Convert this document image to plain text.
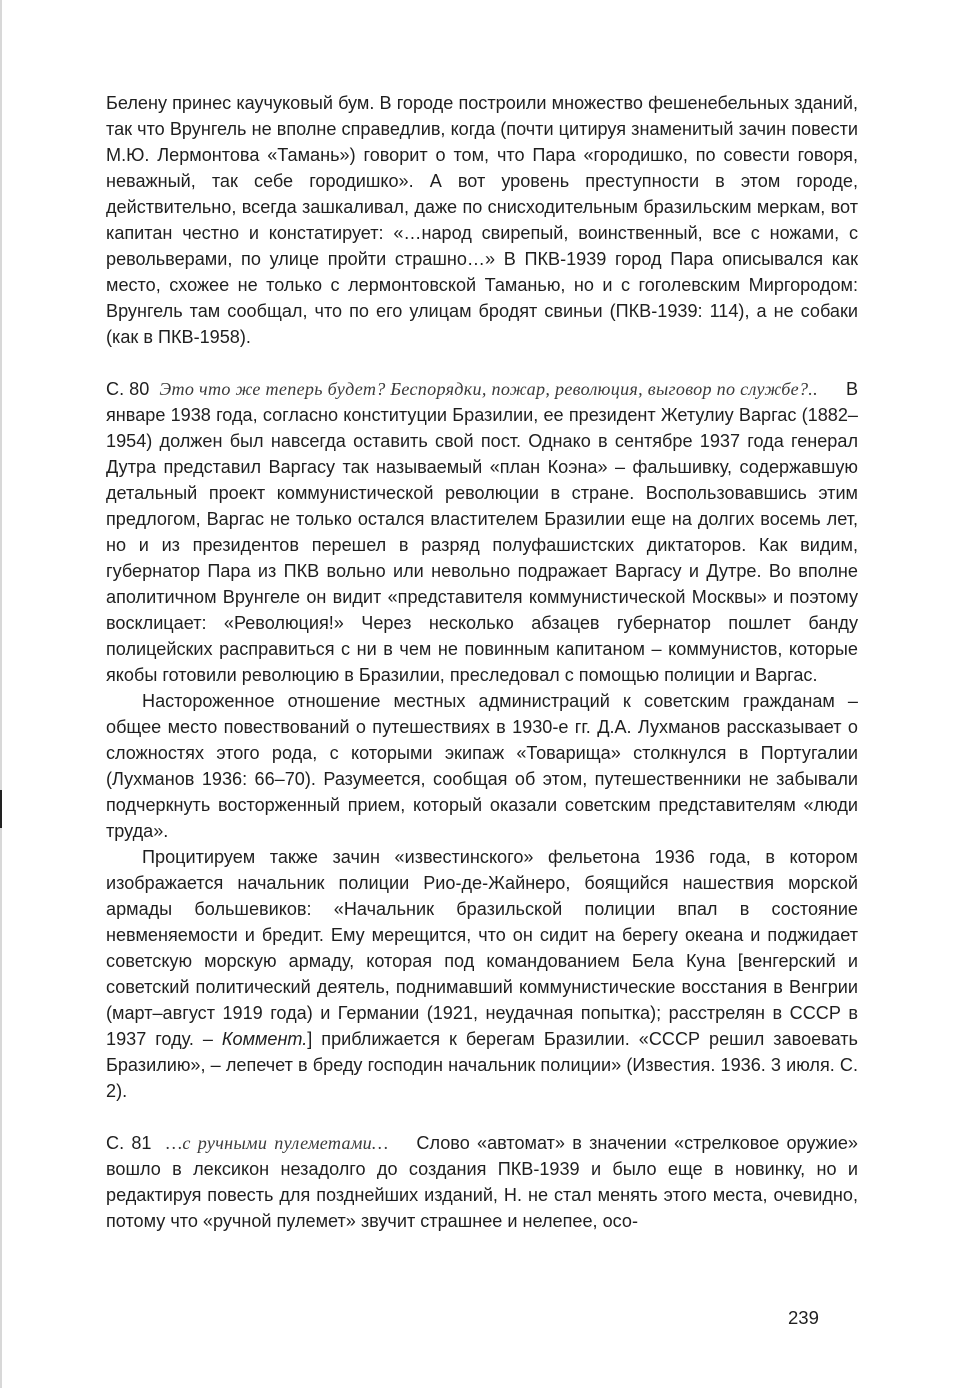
Белену принес каучуковый бум. В городе построили множество фешенебельных зданий, так что Врунгель не вполне справедлив, когда (почти цитируя знаменитый зачин повести М.Ю. Лермонтова «Тамань») говорит о том, что Пара «городишко, по совести говоря, неважный, так себе городишко». А вот уровень преступности в этом городе, действительно, всегда зашкаливал, даже по снисходительным бразильским меркам, вот капитан честно и констатирует: «…народ свирепый, воинственный, все с ножами, с револьверами, по улице пройти страшно…» В ПКВ-1939 город Пара описывался как место, схожее не только с лермонтовской Таманью, но и с гоголевским Миргородом: Врунгель там сообщал, что по его улицам бродят свиньи (ПКВ-1939: 114), а не собаки (как в ПКВ-1958).

С. 80 Это что же теперь будет? Беспорядки, пожар, революция, выговор по службе?.. В январе 1938 года, согласно конституции Бразилии, ее президент Жетулиу Варгас (1882–1954) должен был навсегда оставить свой пост. Однако в сентябре 1937 года генерал Дутра представил Варгасу так называемый «план Коэна» – фальшивку, содержавшую детальный проект коммунистической революции в стране. Воспользовавшись этим предлогом, Варгас не только остался властителем Бразилии еще на долгих восемь лет, но и из президентов перешел в разряд полуфашистских диктаторов. Как видим, губернатор Пара из ПКВ вольно или невольно подражает Варгасу и Дутре. Во вполне аполитичном Врунгеле он видит «представителя коммунистической Москвы» и поэтому восклицает: «Революция!» Через несколько абзацев губернатор пошлет банду полицейских расправиться с ни в чем не повинным капитаном – коммунистов, которые якобы готовили революцию в Бразилии, преследовал с помощью полиции и Варгас.

Настороженное отношение местных администраций к советским гражданам – общее место повествований о путешествиях в 1930-е гг. Д.А. Лухманов рассказывает о сложностях этого рода, с которыми экипаж «Товарища» столкнулся в Португалии (Лухманов 1936: 66–70). Разумеется, сообщая об этом, путешественники не забывали подчеркнуть восторженный прием, который оказали советским представителям «люди труда».

Процитируем также зачин «известинского» фельетона 1936 года, в котором изображается начальник полиции Рио-де-Жайнеро, боящийся нашествия морской армады большевиков: «Начальник бразильской полиции впал в состояние невменяемости и бредит. Ему мерещится, что он сидит на берегу океана и поджидает советскую морскую армаду, которая под командованием Бела Куна [венгерский и советский политический деятель, поднимавший коммунистические восстания в Венгрии (март–август 1919 года) и Германии (1921, неудачная попытка); расстрелян в СССР в 1937 году. – Коммент.] приближается к берегам Бразилии. «СССР решил завоевать Бразилию», – лепечет в бреду господин начальник полиции» (Известия. 1936. 3 июля. С. 2).

С. 81 …с ручными пулеметами… Слово «автомат» в значении «стрелковое оружие» вошло в лексикон незадолго до создания ПКВ-1939 и было еще в новинку, но и редактируя повесть для позднейших изданий, Н. не стал менять этого места, очевидно, потому что «ручной пулемет» звучит страшнее и нелепее, осо-

239
